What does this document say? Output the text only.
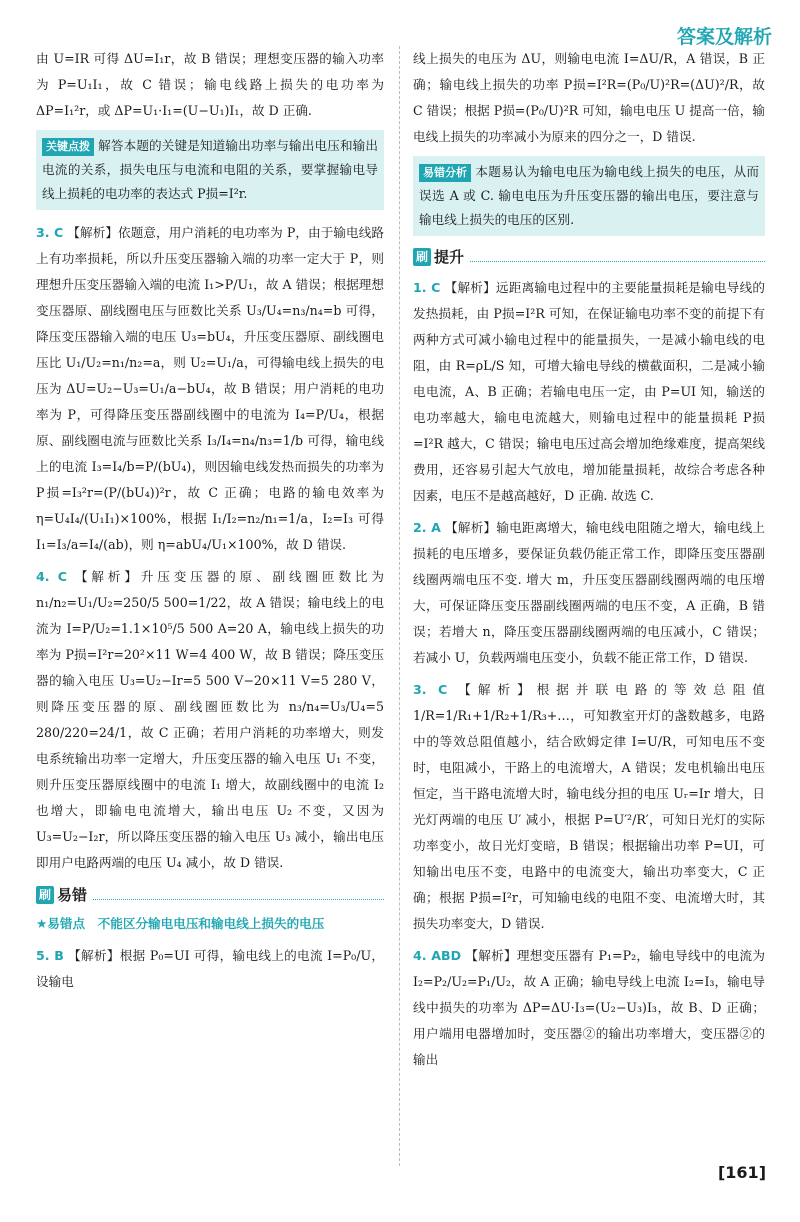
答案及解析

由 U=IR 可得 ΔU=I₁r，故 B 错误；理想变压器的输入功率为 P=U₁I₁，故 C 错误；输电线路上损失的电功率为 ΔP=I₁²r，或 ΔP=U₁·I₁=(U−U₁)I₁，故 D 正确.

关键点拨 解答本题的关键是知道输出功率与输出电压和输出电流的关系，损失电压与电流和电阻的关系，要掌握输电导线上损耗的电功率的表达式 P损=I²r.

3. C 【解析】依题意，用户消耗的电功率为 P，由于输电线路上有功率损耗，所以升压变压器输入端的功率一定大于 P，则理想升压变压器输入端的电流 I₁>P/U₁，故 A 错误；根据理想变压器原、副线圈电压与匝数比关系 U₃/U₄=n₃/n₄=b 可得，降压变压器输入端的电压 U₃=bU₄，升压变压器原、副线圈电压比 U₁/U₂=n₁/n₂=a，则 U₂=U₁/a，可得输电线上损失的电压为 ΔU=U₂−U₃=U₁/a−bU₄，故 B 错误；用户消耗的电功率为 P，可得降压变压器副线圈中的电流为 I₄=P/U₄，根据原、副线圈电流与匝数比关系 I₃/I₄=n₄/n₃=1/b 可得，输电线上的电流 I₃=I₄/b=P/(bU₄)，则因输电线发热而损失的功率为 P损=I₃²r=(P/(bU₄))²r，故 C 正确；电路的输电效率为 η=U₄I₄/(U₁I₁)×100%，根据 I₁/I₂=n₂/n₁=1/a，I₂=I₃ 可得 I₁=I₃/a=I₄/(ab)，则 η=abU₄/U₁×100%，故 D 错误.

4. C 【解析】升压变压器的原、副线圈匝数比为 n₁/n₂=U₁/U₂=250/5 500=1/22，故 A 错误；输电线上的电流为 I=P/U₂=1.1×10⁵/5 500 A=20 A，输电线上损失的功率为 P损=I²r=20²×11 W=4 400 W，故 B 错误；降压变压器的输入电压 U₃=U₂−Ir=5 500 V−20×11 V=5 280 V，则降压变压器的原、副线圈匝数比为 n₃/n₄=U₃/U₄=5 280/220=24/1，故 C 正确；若用户消耗的功率增大，则发电系统输出功率一定增大，升压变压器的输入电压 U₁ 不变，则升压变压器原线圈中的电流 I₁ 增大，故副线圈中的电流 I₂ 也增大，即输电电流增大，输出电压 U₂ 不变，又因为 U₃=U₂−I₂r，所以降压变压器的输入电压 U₃ 减小，输出电压即用户电路两端的电压 U₄ 减小，故 D 错误.

刷 易错
★易错点　不能区分输电电压和输电线上损失的电压

5. B 【解析】根据 P₀=UI 可得，输电线上的电流 I=P₀/U，设输电

线上损失的电压为 ΔU，则输电电流 I=ΔU/R，A 错误，B 正确；输电线上损失的功率 P损=I²R=(P₀/U)²R=(ΔU)²/R，故 C 错误；根据 P损=(P₀/U)²R 可知，输电电压 U 提高一倍，输电线上损失的功率减小为原来的四分之一，D 错误.

易错分析 本题易认为输电电压为输电线上损失的电压，从而误选 A 或 C. 输电电压为升压变压器的输出电压，要注意与输电线上损失的电压的区别.

刷 提升

1. C 【解析】远距离输电过程中的主要能量损耗是输电导线的发热损耗，由 P损=I²R 可知，在保证输电功率不变的前提下有两种方式可减小输电过程中的能量损失，一是减小输电线的电阻，由 R=ρL/S 知，可增大输电导线的横截面积，二是减小输电电流，A、B 正确；若输电电压一定，由 P=UI 知，输送的电功率越大，输电电流越大，则输电过程中的能量损耗 P损=I²R 越大，C 错误；输电电压过高会增加绝缘难度，提高架线费用，还容易引起大气放电，增加能量损耗，故综合考虑各种因素，电压不是越高越好，D 正确. 故选 C.

2. A 【解析】输电距离增大，输电线电阻随之增大，输电线上损耗的电压增多，要保证负载仍能正常工作，即降压变压器副线圈两端电压不变. 增大 m，升压变压器副线圈两端的电压增大，可保证降压变压器副线圈两端的电压不变，A 正确，B 错误；若增大 n，降压变压器副线圈两端的电压减小，C 错误；若减小 U，负载两端电压变小，负载不能正常工作，D 错误.

3. C 【解析】根据并联电路的等效总阻值 1/R=1/R₁+1/R₂+1/R₃+…，可知教室开灯的盏数越多，电路中的等效总阻值越小，结合欧姆定律 I=U/R，可知电压不变时，电阻减小，干路上的电流增大，A 错误；发电机输出电压恒定，当干路电流增大时，输电线分担的电压 Uᵣ=Ir 增大，日光灯两端的电压 U′ 减小，根据 P=U′²/R′，可知日光灯的实际功率变小，故日光灯变暗，B 错误；根据输出功率 P=UI，可知输出电压不变，电路中的电流变大，输出功率变大，C 正确；根据 P损=I²r，可知输电线的电阻不变、电流增大时，其损失功率变大，D 错误.

4. ABD 【解析】理想变压器有 P₁=P₂，输电导线中的电流为 I₂=P₂/U₂=P₁/U₂，故 A 正确；输电导线上电流 I₂=I₃，输电导线中损失的功率为 ΔP=ΔU·I₃=(U₂−U₃)I₃，故 B、D 正确；用户端用电器增加时，变压器②的输出功率增大，变压器②的输出

[ 161 ]
